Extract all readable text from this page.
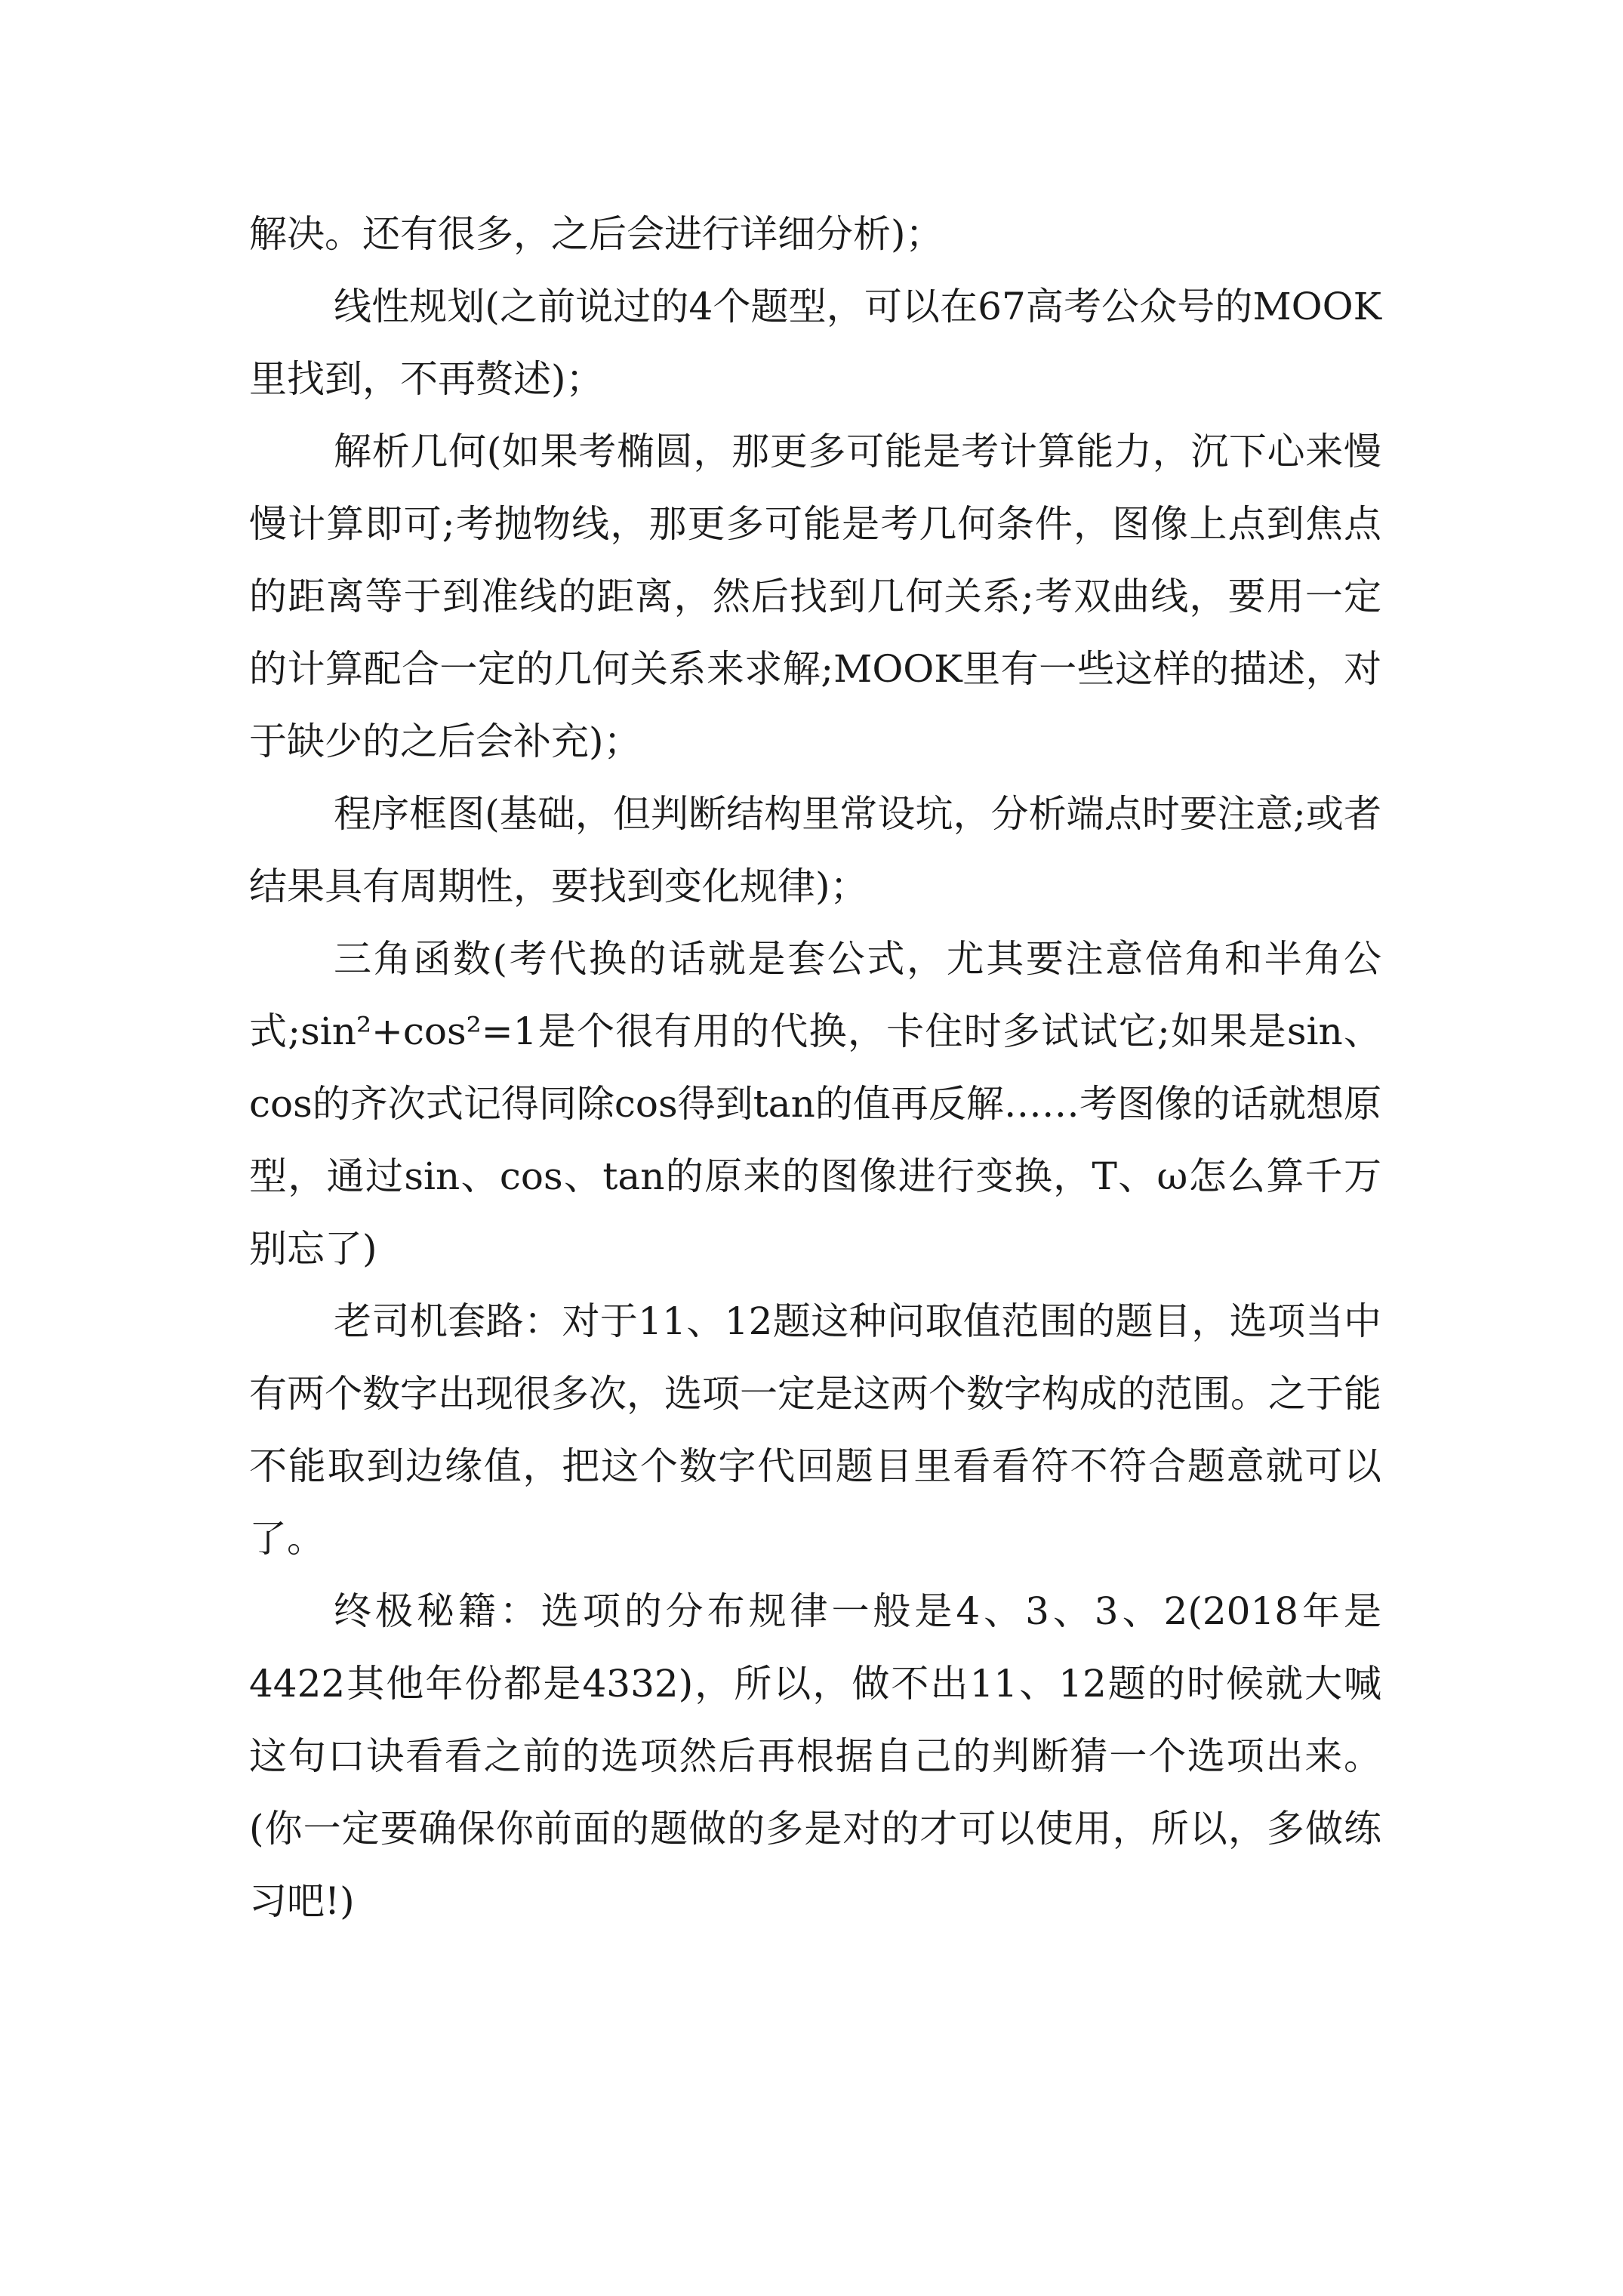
解决。还有很多，之后会进行详细分析)；

线性规划(之前说过的4个题型，可以在67高考公众号的MOOK里找到，不再赘述)；

解析几何(如果考椭圆，那更多可能是考计算能力，沉下心来慢慢计算即可;考抛物线，那更多可能是考几何条件，图像上点到焦点的距离等于到准线的距离，然后找到几何关系;考双曲线，要用一定的计算配合一定的几何关系来求解;MOOK里有一些这样的描述，对于缺少的之后会补充)；

程序框图(基础，但判断结构里常设坑，分析端点时要注意;或者结果具有周期性，要找到变化规律)；

三角函数(考代换的话就是套公式，尤其要注意倍角和半角公式;sin²+cos²=1是个很有用的代换，卡住时多试试它;如果是sin、cos的齐次式记得同除cos得到tan的值再反解……考图像的话就想原型，通过sin、cos、tan的原来的图像进行变换，T、ω怎么算千万别忘了)

老司机套路：对于11、12题这种问取值范围的题目，选项当中有两个数字出现很多次，选项一定是这两个数字构成的范围。之于能不能取到边缘值，把这个数字代回题目里看看符不符合题意就可以了。

终极秘籍：选项的分布规律一般是4、3、3、2(2018年是4422其他年份都是4332)，所以，做不出11、12题的时候就大喊这句口诀看看之前的选项然后再根据自己的判断猜一个选项出来。(你一定要确保你前面的题做的多是对的才可以使用，所以，多做练习吧!)
